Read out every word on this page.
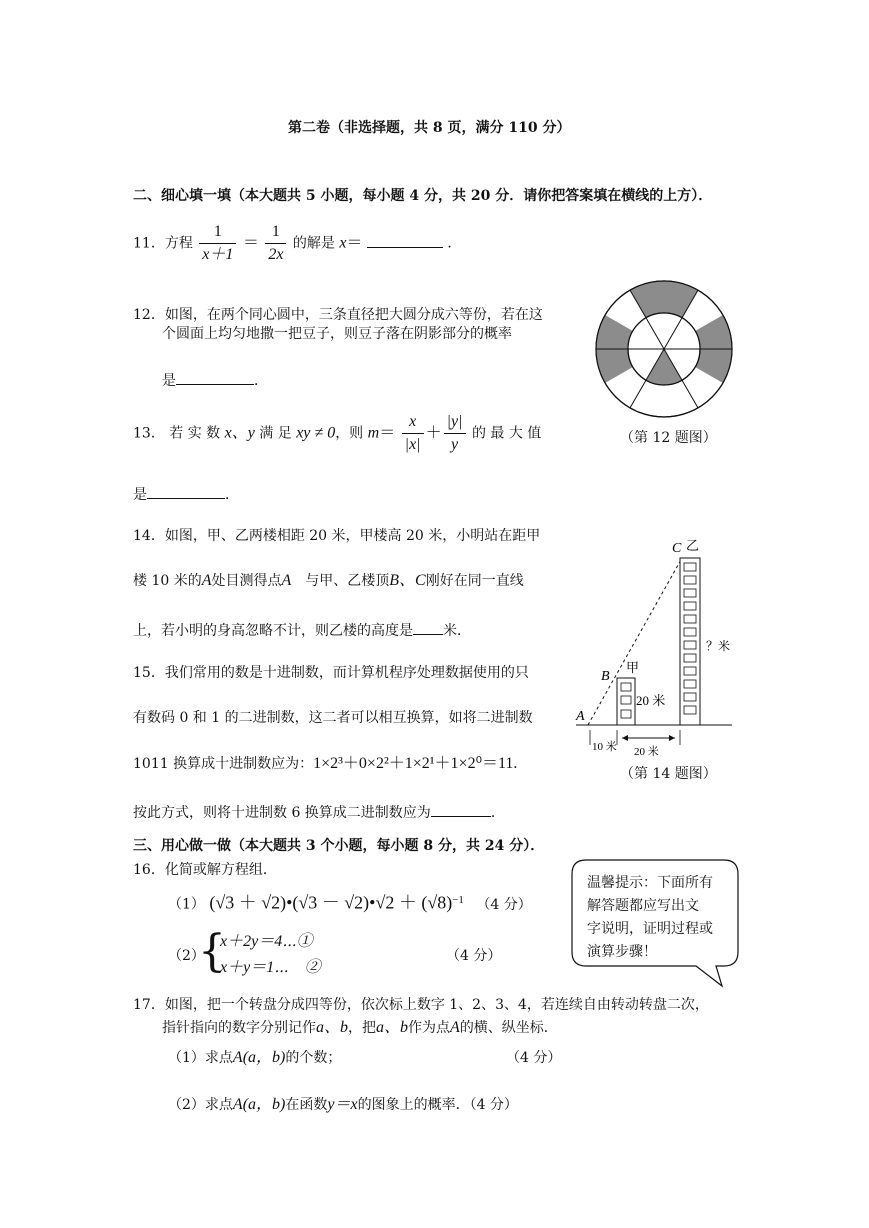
第二卷（非选择题，共 8 页，满分 110 分）
二、细心填一填（本大题共 5 小题，每小题 4 分，共 20 分．请你把答案填在横线的上方）．
11．方程 $\frac{1}{x+1} = \frac{1}{2x}$ 的解是 x＝	．
12．如图，在两个同心圆中，三条直径把大圆分成六等份，若在这
个圆面上均匀地撒一把豆子，则豆子落在阴影部分的概率
是	．
（第 12 题图）
13． 若 实 数 x、y 满 足 xy ≠ 0，则 $m= \frac{x}{|x|} + \frac{|y|}{y}$ 的 最 大 值
是	．
14．如图，甲、乙两楼相距 20 米，甲楼高 20 米，小明站在距甲
楼 10 米的A处目测得点A　 与甲、乙楼顶B、C刚好在同一直线
上，若小明的身高忽略不计，则乙楼的高度是 米．
C 乙
？米
B
甲
20 米
A
10 米 20 米
（第 14 题图）
15．我们常用的数是十进制数，而计算机程序处理数据使用的只
有数码 0 和 1 的二进制数，这二者可以相互换算，如将二进制数
1011 换算成十进制数应为：1×2³＋0×2²＋1×2¹＋1×2⁰＝11.
按此方式，则将十进制数 6 换算成二进制数应为	．
三、用心做一做（本大题共 3 个小题，每小题 8 分，共 24 分）．
16．化简或解方程组．
（1） (√3 ＋ √2)•(√3 － √2)•√2 ＋ $(√8)^{-1}$ （4 分）
（2）
{
x＋2y＝4⋯①
x＋y＝1⋯　②
（4 分）
温馨提示：下面所有
解答题都应写出文
字说明，证明过程或
演算步骤！
17．如图，把一个转盘分成四等份，依次标上数字 1、2、3、4，若连续自由转动转盘二次，
指针指向的数字分别记作a、b，把a、b作为点A的横、纵坐标．
（1）求点A(a，b)的个数；	（4 分）
（2）求点A(a，b)在函数y＝x的图象上的概率．（4 分）
